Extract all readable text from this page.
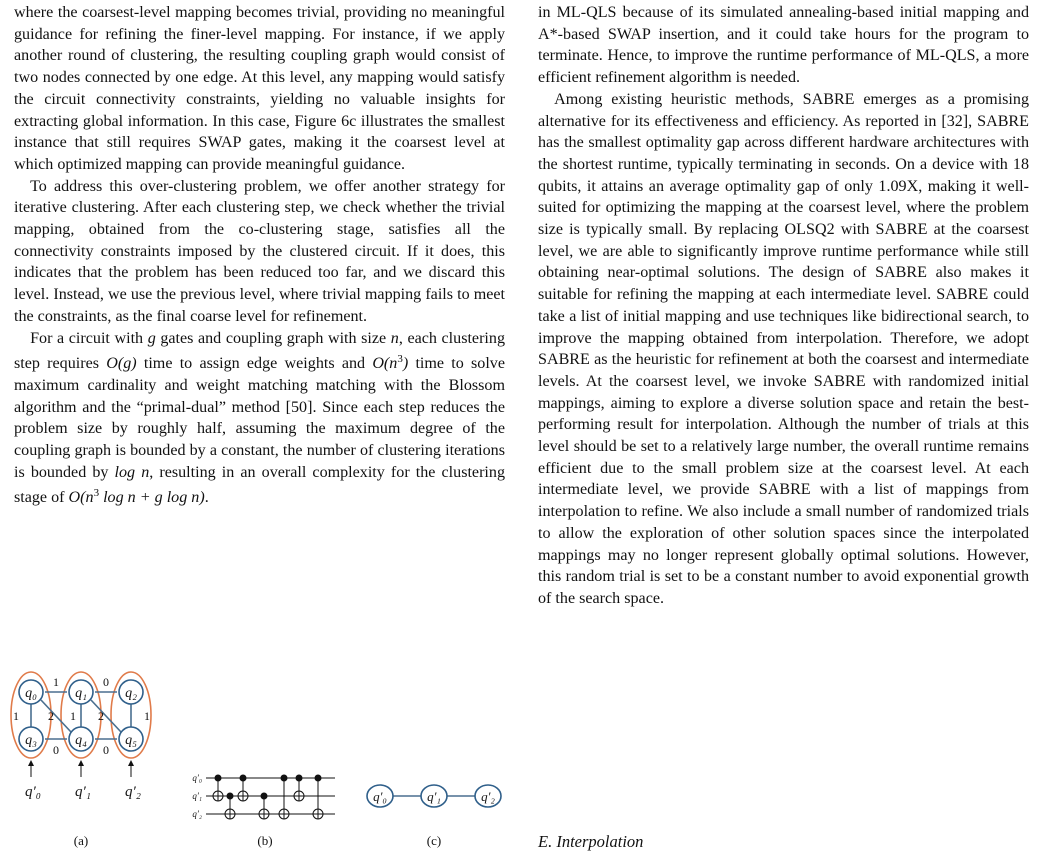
where the coarsest-level mapping becomes trivial, providing no meaningful guidance for refining the finer-level mapping. For instance, if we apply another round of clustering, the resulting coupling graph would consist of two nodes connected by one edge. At this level, any mapping would satisfy the circuit connectivity constraints, yielding no valuable insights for extracting global information. In this case, Figure 6c illustrates the smallest instance that still requires SWAP gates, making it the coarsest level at which optimized mapping can provide meaningful guidance.

To address this over-clustering problem, we offer another strategy for iterative clustering. After each clustering step, we check whether the trivial mapping, obtained from the co-clustering stage, satisfies all the connectivity constraints imposed by the clustered circuit. If it does, this indicates that the problem has been reduced too far, and we discard this level. Instead, we use the previous level, where trivial mapping fails to meet the constraints, as the final coarse level for refinement.

For a circuit with g gates and coupling graph with size n, each clustering step requires O(g) time to assign edge weights and $O(n^3)$ time to solve maximum cardinality and weight matching matching with the Blossom algorithm and the “primal-dual” method [50]. Since each step reduces the problem size by roughly half, assuming the maximum degree of the coupling graph is bounded by a constant, the number of clustering iterations is bounded by log n, resulting in an overall complexity for the clustering stage of $O(n^3$ log n + g log n).

in ML-QLS because of its simulated annealing-based initial mapping and A*-based SWAP insertion, and it could take hours for the program to terminate. Hence, to improve the runtime performance of ML-QLS, a more efficient refinement algorithm is needed.

Among existing heuristic methods, SABRE emerges as a promising alternative for its effectiveness and efficiency. As reported in [32], SABRE has the smallest optimality gap across different hardware architectures with the shortest runtime, typically terminating in seconds. On a device with 18 qubits, it attains an average optimality gap of only 1.09X, making it well-suited for optimizing the mapping at the coarsest level, where the problem size is typically small. By replacing OLSQ2 with SABRE at the coarsest level, we are able to significantly improve runtime performance while still obtaining near-optimal solutions. The design of SABRE also makes it suitable for refining the mapping at each intermediate level. SABRE could take a list of initial mapping and use techniques like bidirectional search, to improve the mapping obtained from interpolation. Therefore, we adopt SABRE as the heuristic for refinement at both the coarsest and intermediate levels. At the coarsest level, we invoke SABRE with randomized initial mappings, aiming to explore a diverse solution space and retain the best-performing result for interpolation. Although the number of trials at this level should be set to a relatively large number, the overall runtime remains efficient due to the small problem size at the coarsest level. At each intermediate level, we provide SABRE with a list of mappings from interpolation to refine. We also include a small number of randomized trials to allow the exploration of other solution spaces since the interpolated mappings may no longer represent globally optimal solutions. However, this random trial is set to be a constant number to avoid exponential growth of the search space.

E. Interpolation
q₀	q₁	q₂
q₃	q₄	q₅
1	0
1 2 1 2	1
0	0
q′₀ q′₁ q′₂
(a)
q′₀
q′₁
q′₂
(b)
q′₀	q′₁	q′₂
(c)
